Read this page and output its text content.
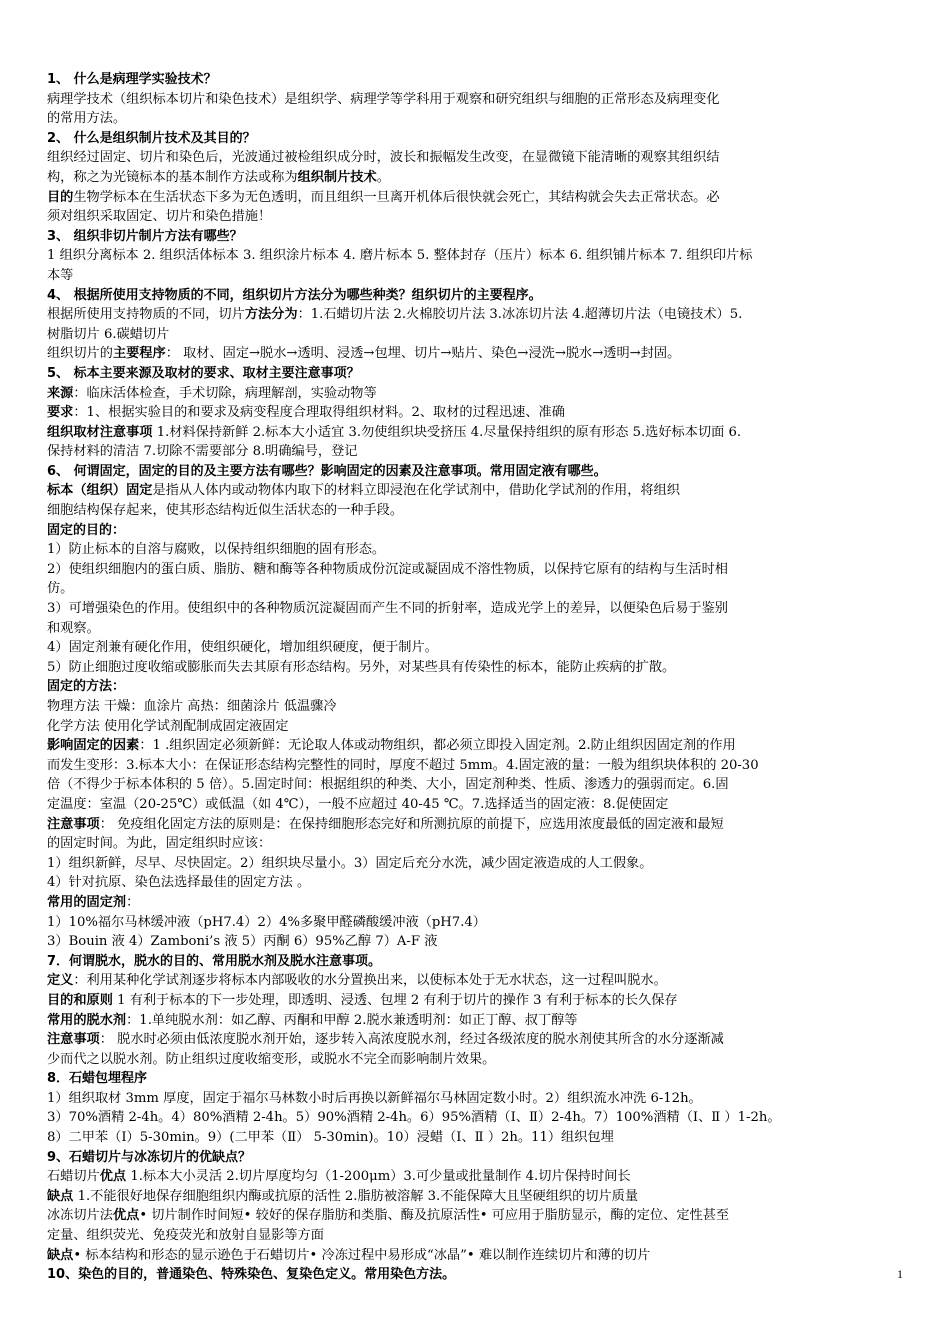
1、 什么是病理学实验技术？
病理学技术（组织标本切片和染色技术）是组织学、病理学等学科用于观察和研究组织与细胞的正常形态及病理变化
的常用方法。
2、 什么是组织制片技术及其目的？
组织经过固定、切片和染色后，光波通过被检组织成分时，波长和振幅发生改变，在显微镜下能清晰的观察其组织结
构，称之为光镜标本的基本制作方法或称为组织制片技术。
目的生物学标本在生活状态下多为无色透明，而且组织一旦离开机体后很快就会死亡，其结构就会失去正常状态。必
须对组织采取固定、切片和染色措施！
3、 组织非切片制片方法有哪些？
1 组织分离标本 2. 组织活体标本 3. 组织涂片标本 4. 磨片标本 5. 整体封存（压片）标本 6. 组织铺片标本 7. 组织印片标
本等
4、 根据所使用支持物质的不同，组织切片方法分为哪些种类？组织切片的主要程序。
根据所使用支持物质的不同，切片方法分为：1.石蜡切片法 2.火棉胶切片法 3.冰冻切片法 4.超薄切片法（电镜技术）5.
树脂切片 6.碳蜡切片
组织切片的主要程序： 取材、固定→脱水→透明、浸透→包埋、切片→贴片、染色→浸洗→脱水→透明→封固。
5、 标本主要来源及取材的要求、取材主要注意事项？
来源：临床活体检查，手术切除，病理解剖，实验动物等
要求：1、根据实验目的和要求及病变程度合理取得组织材料。2、取材的过程迅速、准确
组织取材注意事项 1.材料保持新鲜 2.标本大小适宜 3.勿使组织块受挤压 4.尽量保持组织的原有形态 5.选好标本切面 6.
保持材料的清洁 7.切除不需要部分 8.明确编号，登记
6、 何谓固定，固定的目的及主要方法有哪些？影响固定的因素及注意事项。常用固定液有哪些。
标本（组织）固定是指从人体内或动物体内取下的材料立即浸泡在化学试剂中，借助化学试剂的作用，将组织
细胞结构保存起来，使其形态结构近似生活状态的一种手段。
固定的目的：
1）防止标本的自溶与腐败，以保持组织细胞的固有形态。
2）使组织细胞内的蛋白质、脂肪、糖和酶等各种物质成份沉淀或凝固成不溶性物质，以保持它原有的结构与生活时相
仿。
3）可增强染色的作用。使组织中的各种物质沉淀凝固而产生不同的折射率，造成光学上的差异，以便染色后易于鉴别
和观察。
4）固定剂兼有硬化作用，使组织硬化，增加组织硬度，便于制片。
5）防止细胞过度收缩或膨胀而失去其原有形态结构。另外，对某些具有传染性的标本，能防止疾病的扩散。
固定的方法：
物理方法 干燥：血涂片 高热：细菌涂片 低温骤冷
化学方法 使用化学试剂配制成固定液固定
影响固定的因素：1 .组织固定必须新鲜：无论取人体或动物组织，都必须立即投入固定剂。2.防止组织因固定剂的作用
而发生变形：3.标本大小：在保证形态结构完整性的同时，厚度不超过 5mm。4.固定液的量：一般为组织块体积的 20-30
倍（不得少于标本体积的 5 倍）。5.固定时间：根据组织的种类、大小，固定剂种类、性质、渗透力的强弱而定。6.固
定温度：室温（20-25℃）或低温（如 4℃），一般不应超过 40-45 ℃。7.选择适当的固定液：8.促使固定
注意事项： 免疫组化固定方法的原则是：在保持细胞形态完好和所测抗原的前提下，应选用浓度最低的固定液和最短
的固定时间。为此，固定组织时应该：
1）组织新鲜，尽早、尽快固定。2）组织块尽量小。3）固定后充分水洗，减少固定液造成的人工假象。
4）针对抗原、染色法选择最佳的固定方法 。
常用的固定剂：
1）10%福尔马林缓冲液（pH7.4）2）4%多聚甲醛磷酸缓冲液（pH7.4）
3）Bouin 液 4）Zamboni’s 液 5）丙酮 6）95%乙醇 7）A-F 液
7．何谓脱水，脱水的目的、常用脱水剂及脱水注意事项。
定义：利用某种化学试剂逐步将标本内部吸收的水分置换出来，以使标本处于无水状态，这一过程叫脱水。
目的和原则 1 有利于标本的下一步处理，即透明、浸透、包埋 2 有利于切片的操作 3 有利于标本的长久保存
常用的脱水剂：1.单纯脱水剂：如乙醇、丙酮和甲醇 2.脱水兼透明剂：如正丁醇、叔丁醇等
注意事项： 脱水时必须由低浓度脱水剂开始，逐步转入高浓度脱水剂，经过各级浓度的脱水剂使其所含的水分逐渐减
少而代之以脱水剂。防止组织过度收缩变形，或脱水不完全而影响制片效果。
8．石蜡包埋程序
1）组织取材 3mm 厚度，固定于福尔马林数小时后再换以新鲜福尔马林固定数小时。2）组织流水冲洗 6-12h。
3）70%酒精 2-4h。4）80%酒精 2-4h。5）90%酒精 2-4h。6）95%酒精（Ⅰ、Ⅱ）2-4h。7）100%酒精（Ⅰ、Ⅱ ）1-2h。
8）二甲苯（Ⅰ）5-30min。9）(二甲苯（Ⅱ） 5-30min)。10）浸蜡（Ⅰ、Ⅱ ）2h。11）组织包埋
9、石蜡切片与冰冻切片的优缺点？
石蜡切片优点 1.标本大小灵活 2.切片厚度均匀（1-200μm）3.可少量或批量制作 4.切片保持时间长
缺点 1.不能很好地保存细胞组织内酶或抗原的活性 2.脂肪被溶解 3.不能保障大且坚硬组织的切片质量
冰冻切片法优点• 切片制作时间短• 较好的保存脂肪和类脂、酶及抗原活性• 可应用于脂肪显示，酶的定位、定性甚至
定量、组织荧光、免疫荧光和放射自显影等方面
缺点• 标本结构和形态的显示逊色于石蜡切片• 冷冻过程中易形成“冰晶”• 难以制作连续切片和薄的切片
10、染色的目的，普通染色、特殊染色、复染色定义。常用染色方法。	1
